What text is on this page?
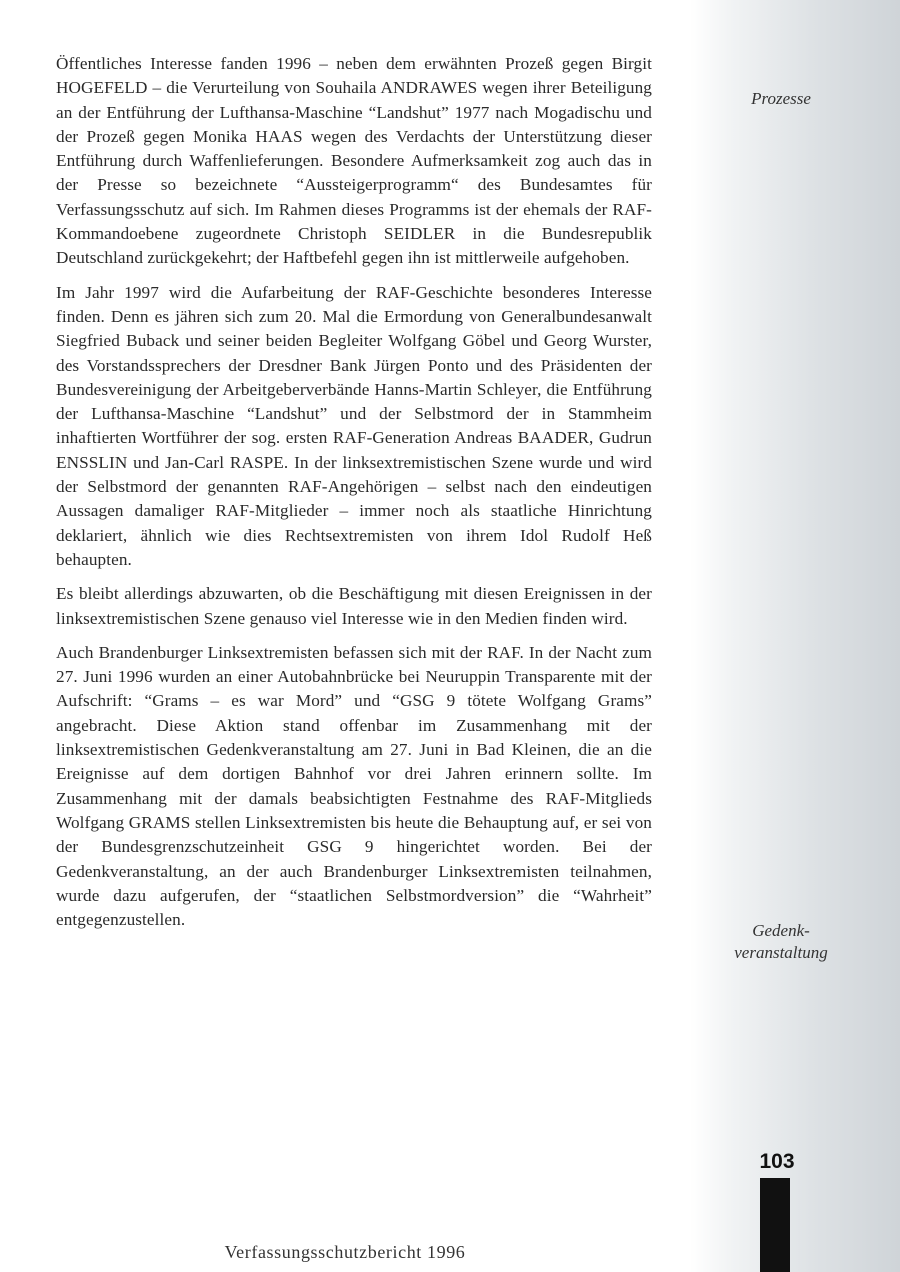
Öffentliches Interesse fanden 1996 – neben dem erwähnten Prozeß gegen Birgit HOGEFELD – die Verurteilung von Souhaila ANDRAWES wegen ihrer Beteiligung an der Entführung der Lufthansa-Maschine “Landshut” 1977 nach Mogadischu und der Prozeß gegen Monika HAAS wegen des Verdachts der Unterstützung dieser Entführung durch Waffenlieferungen. Besondere Aufmerksamkeit zog auch das in der Presse so bezeichnete “Aussteigerprogramm“ des Bundesamtes für Verfassungsschutz auf sich. Im Rahmen dieses Programms ist der ehemals der RAF-Kommandoebene zugeordnete Christoph SEIDLER in die Bundesrepublik Deutschland zurückgekehrt; der Haftbefehl gegen ihn ist mittlerweile aufgehoben.

Im Jahr 1997 wird die Aufarbeitung der RAF-Geschichte besonderes Interesse finden. Denn es jähren sich zum 20. Mal die Ermordung von Generalbundesanwalt Siegfried Buback und seiner beiden Begleiter Wolfgang Göbel und Georg Wurster, des Vorstandssprechers der Dresdner Bank Jürgen Ponto und des Präsidenten der Bundesvereinigung der Arbeitgeberverbände Hanns-Martin Schleyer, die Entführung der Lufthansa-Maschine “Landshut” und der Selbstmord der in Stammheim inhaftierten Wortführer der sog. ersten RAF-Generation Andreas BAADER, Gudrun ENSSLIN und Jan-Carl RASPE. In der linksextremistischen Szene wurde und wird der Selbstmord der genannten RAF-Angehörigen – selbst nach den eindeutigen Aussagen damaliger RAF-Mitglieder – immer noch als staatliche Hinrichtung deklariert, ähnlich wie dies Rechtsextremisten von ihrem Idol Rudolf Heß behaupten.

Es bleibt allerdings abzuwarten, ob die Beschäftigung mit diesen Ereignissen in der linksextremistischen Szene genauso viel Interesse wie in den Medien finden wird.

Auch Brandenburger Linksextremisten befassen sich mit der RAF. In der Nacht zum 27. Juni 1996 wurden an einer Autobahnbrücke bei Neuruppin Transparente mit der Aufschrift: “Grams – es war Mord” und “GSG 9 tötete Wolfgang Grams” angebracht. Diese Aktion stand offenbar im Zusammenhang mit der linksextremistischen Gedenkveranstaltung am 27. Juni in Bad Kleinen, die an die Ereignisse auf dem dortigen Bahnhof vor drei Jahren erinnern sollte. Im Zusammenhang mit der damals beabsichtigten Festnahme des RAF-Mitglieds Wolfgang GRAMS stellen Linksextremisten bis heute die Behauptung auf, er sei von der Bundesgrenzschutzeinheit GSG 9 hingerichtet worden. Bei der Gedenkveranstaltung, an der auch Brandenburger Linksextremisten teilnahmen, wurde dazu aufgerufen, der “staatlichen Selbstmordversion” die “Wahrheit” entgegenzustellen.

Prozesse
Gedenk-
veranstaltung
103
Verfassungsschutzbericht 1996
